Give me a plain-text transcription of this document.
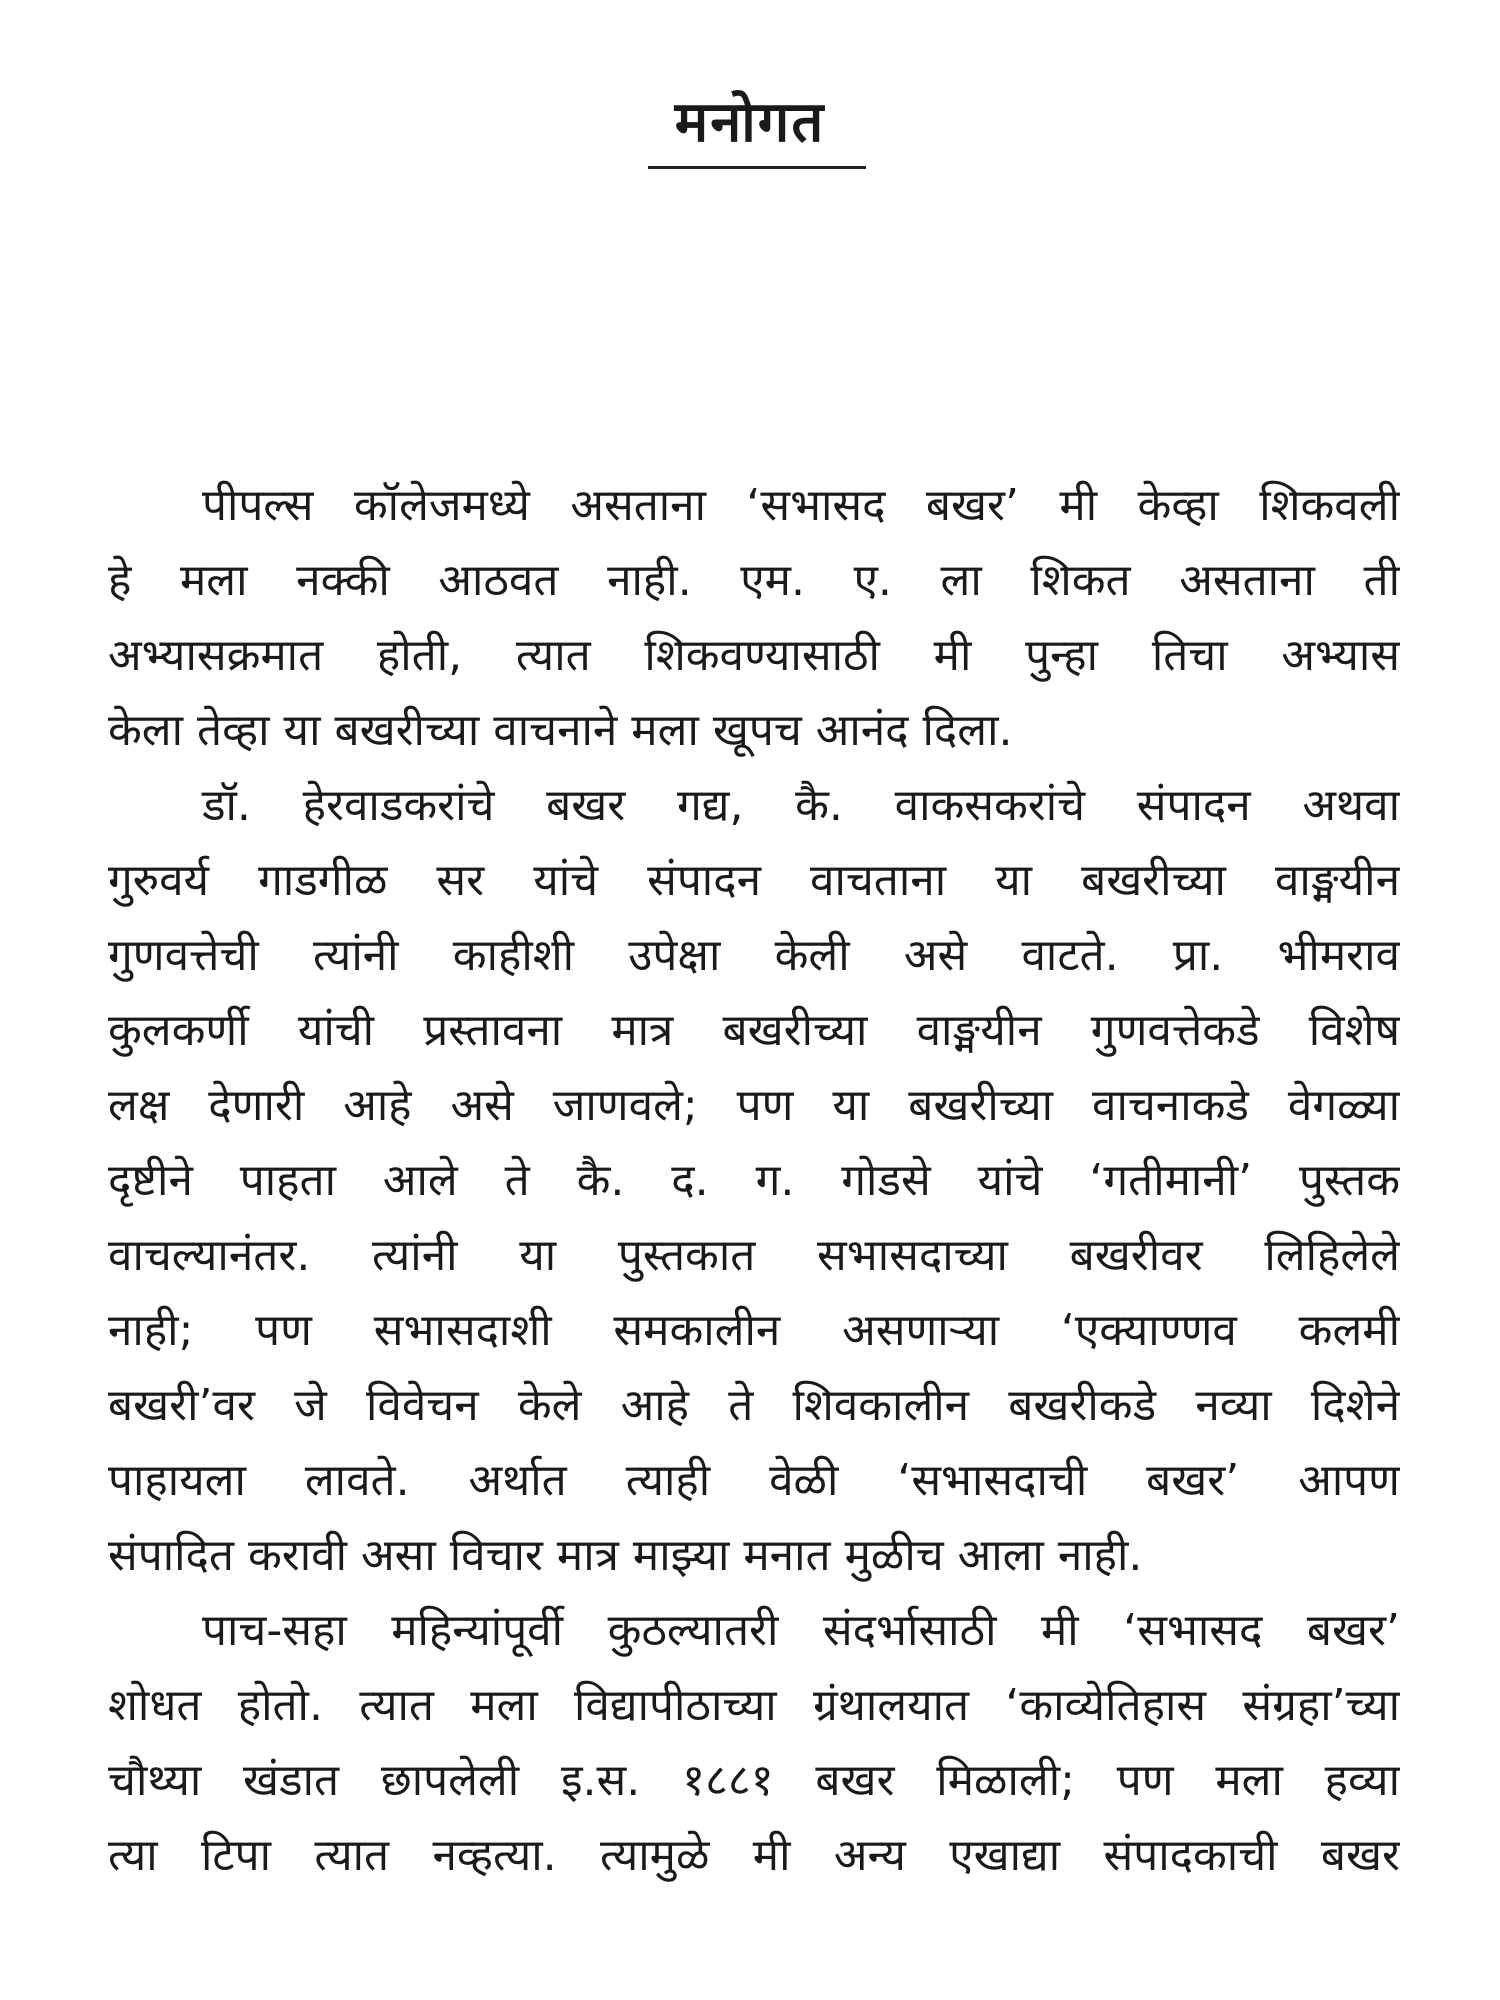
मनोगत
पीपल्स कॉलेजमध्ये असताना ‘सभासद बखर’ मी केव्हा शिकवली
हे मला नक्की आठवत नाही. एम. ए. ला शिकत असताना ती
अभ्यासक्रमात होती, त्यात शिकवण्यासाठी मी पुन्हा तिचा अभ्यास
केला तेव्हा या बखरीच्या वाचनाने मला खूपच आनंद दिला.
डॉ. हेरवाडकरांचे बखर गद्य, कै. वाकसकरांचे संपादन अथवा
गुरुवर्य गाडगीळ सर यांचे संपादन वाचताना या बखरीच्या वाङ्मयीन
गुणवत्तेची त्यांनी काहीशी उपेक्षा केली असे वाटते. प्रा. भीमराव
कुलकर्णी यांची प्रस्तावना मात्र बखरीच्या वाङ्मयीन गुणवत्तेकडे विशेष
लक्ष देणारी आहे असे जाणवले; पण या बखरीच्या वाचनाकडे वेगळ्या
दृष्टीने पाहता आले ते कै. द. ग. गोडसे यांचे ‘गतीमानी’ पुस्तक
वाचल्यानंतर. त्यांनी या पुस्तकात सभासदाच्या बखरीवर लिहिलेले
नाही; पण सभासदाशी समकालीन असणाऱ्या ‘एक्याण्णव कलमी
बखरी’वर जे विवेचन केले आहे ते शिवकालीन बखरीकडे नव्या दिशेने
पाहायला लावते. अर्थात त्याही वेळी ‘सभासदाची बखर’ आपण
संपादित करावी असा विचार मात्र माझ्या मनात मुळीच आला नाही.
पाच-सहा महिन्यांपूर्वी कुठल्यातरी संदर्भासाठी मी ‘सभासद बखर’
शोधत होतो. त्यात मला विद्यापीठाच्या ग्रंथालयात ‘काव्येतिहास संग्रहा’च्या
चौथ्या खंडात छापलेली इ.स. १८८१ बखर मिळाली; पण मला हव्या
त्या टिपा त्यात नव्हत्या. त्यामुळे मी अन्य एखाद्या संपादकाची बखर
